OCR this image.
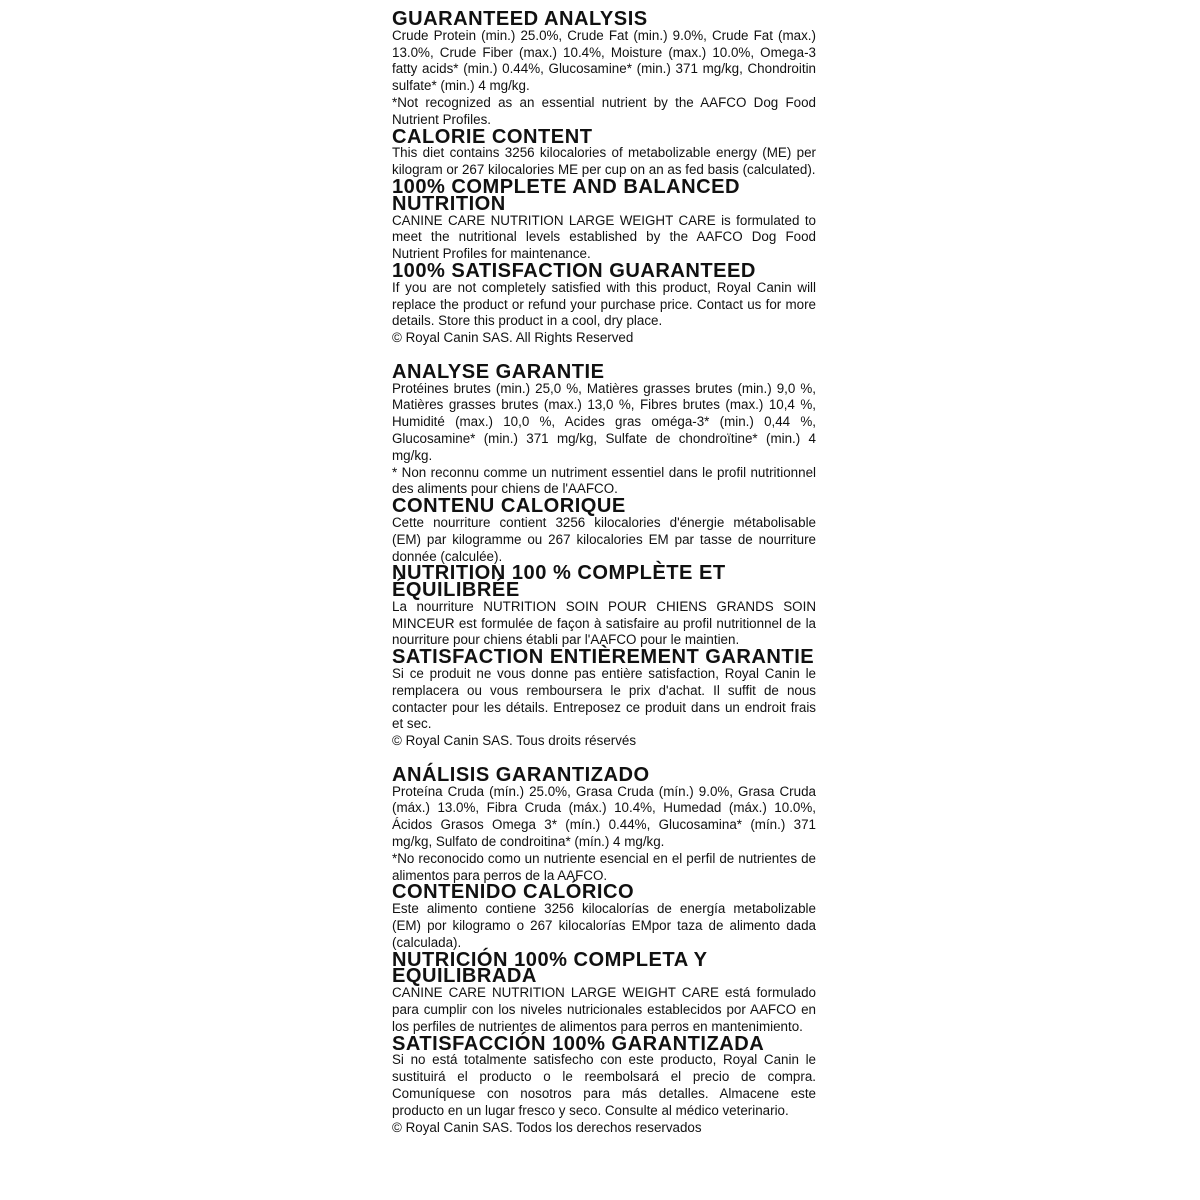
GUARANTEED ANALYSIS

Crude Protein (min.) 25.0%, Crude Fat (min.) 9.0%, Crude Fat (max.) 13.0%, Crude Fiber (max.) 10.4%, Moisture (max.) 10.0%, Omega-3 fatty acids* (min.) 0.44%, Glucosamine* (min.) 371 mg/kg, Chondroitin sulfate* (min.) 4 mg/kg.

*Not recognized as an essential nutrient by the AAFCO Dog Food Nutrient Profiles.

CALORIE CONTENT

This diet contains 3256 kilocalories of metabolizable energy (ME) per kilogram or 267 kilocalories ME per cup on an as fed basis (calculated).

100% COMPLETE AND BALANCED NUTRITION

CANINE CARE NUTRITION LARGE WEIGHT CARE is formulated to meet the nutritional levels established by the AAFCO Dog Food Nutrient Profiles for maintenance.

100% SATISFACTION GUARANTEED

If you are not completely satisfied with this product, Royal Canin will replace the product or refund your purchase price. Contact us for more details. Store this product in a cool, dry place.

© Royal Canin SAS. All Rights Reserved

ANALYSE GARANTIE

Protéines brutes (min.) 25,0 %, Matières grasses brutes (min.) 9,0 %, Matières grasses brutes (max.) 13,0 %, Fibres brutes (max.) 10,4 %, Humidité (max.) 10,0 %, Acides gras oméga-3* (min.) 0,44 %, Glucosamine* (min.) 371 mg/kg, Sulfate de chondroïtine* (min.) 4 mg/kg.

* Non reconnu comme un nutriment essentiel dans le profil nutritionnel des aliments pour chiens de l'AAFCO.

CONTENU CALORIQUE

Cette nourriture contient 3256 kilocalories d'énergie métabolisable (EM) par kilogramme ou 267 kilocalories EM par tasse de nourriture donnée (calculée).

NUTRITION 100 % COMPLÈTE ET ÉQUILIBRÉE

La nourriture NUTRITION SOIN POUR CHIENS GRANDS SOIN MINCEUR est formulée de façon à satisfaire au profil nutritionnel de la nourriture pour chiens établi par l'AAFCO pour le maintien.

SATISFACTION ENTIÈREMENT GARANTIE

Si ce produit ne vous donne pas entière satisfaction, Royal Canin le remplacera ou vous remboursera le prix d'achat. Il suffit de nous contacter pour les détails. Entreposez ce produit dans un endroit frais et sec.

© Royal Canin SAS. Tous droits réservés

ANÁLISIS GARANTIZADO

Proteína Cruda (mín.) 25.0%, Grasa Cruda (mín.) 9.0%, Grasa Cruda (máx.) 13.0%, Fibra Cruda (máx.) 10.4%, Humedad (máx.) 10.0%, Ácidos Grasos Omega 3* (mín.) 0.44%, Glucosamina* (mín.) 371 mg/kg, Sulfato de condroitina* (mín.) 4 mg/kg.

*No reconocido como un nutriente esencial en el perfil de nutrientes de alimentos para perros de la AAFCO.

CONTENIDO CALÓRICO

Este alimento contiene 3256 kilocalorías de energía metabolizable (EM) por kilogramo o 267 kilocalorías EMpor taza de alimento dada (calculada).

NUTRICIÓN 100% COMPLETA Y EQUILIBRADA

CANINE CARE NUTRITION LARGE WEIGHT CARE está formulado para cumplir con los niveles nutricionales establecidos por AAFCO en los perfiles de nutrientes de alimentos para perros en mantenimiento.

SATISFACCIÓN 100% GARANTIZADA

Si no está totalmente satisfecho con este producto, Royal Canin le sustituirá el producto o le reembolsará el precio de compra. Comuníquese con nosotros para más detalles. Almacene este producto en un lugar fresco y seco. Consulte al médico veterinario.

© Royal Canin SAS. Todos los derechos reservados
